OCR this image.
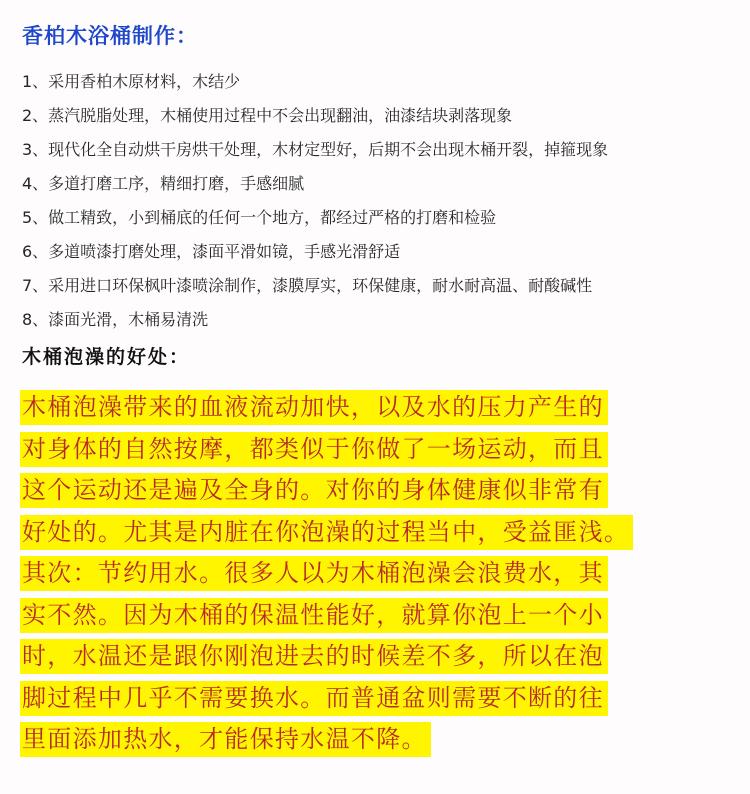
香柏木浴桶制作：
1、采用香柏木原材料，木结少
2、蒸汽脱脂处理，木桶使用过程中不会出现翻油，油漆结块剥落现象
3、现代化全自动烘干房烘干处理，木材定型好，后期不会出现木桶开裂，掉箍现象
4、多道打磨工序，精细打磨，手感细腻
5、做工精致，小到桶底的任何一个地方，都经过严格的打磨和检验
6、多道喷漆打磨处理，漆面平滑如镜，手感光滑舒适
7、采用进口环保枫叶漆喷涂制作，漆膜厚实，环保健康，耐水耐高温、耐酸碱性
8、漆面光滑，木桶易清洗
木桶泡澡的好处：
木桶泡澡带来的血液流动加快，以及水的压力产生的
对身体的自然按摩，都类似于你做了一场运动，而且
这个运动还是遍及全身的。对你的身体健康似非常有
好处的。尤其是内脏在你泡澡的过程当中，受益匪浅。
其次：节约用水。很多人以为木桶泡澡会浪费水，其
实不然。因为木桶的保温性能好，就算你泡上一个小
时，水温还是跟你刚泡进去的时候差不多，所以在泡
脚过程中几乎不需要换水。而普通盆则需要不断的往
里面添加热水，才能保持水温不降。
